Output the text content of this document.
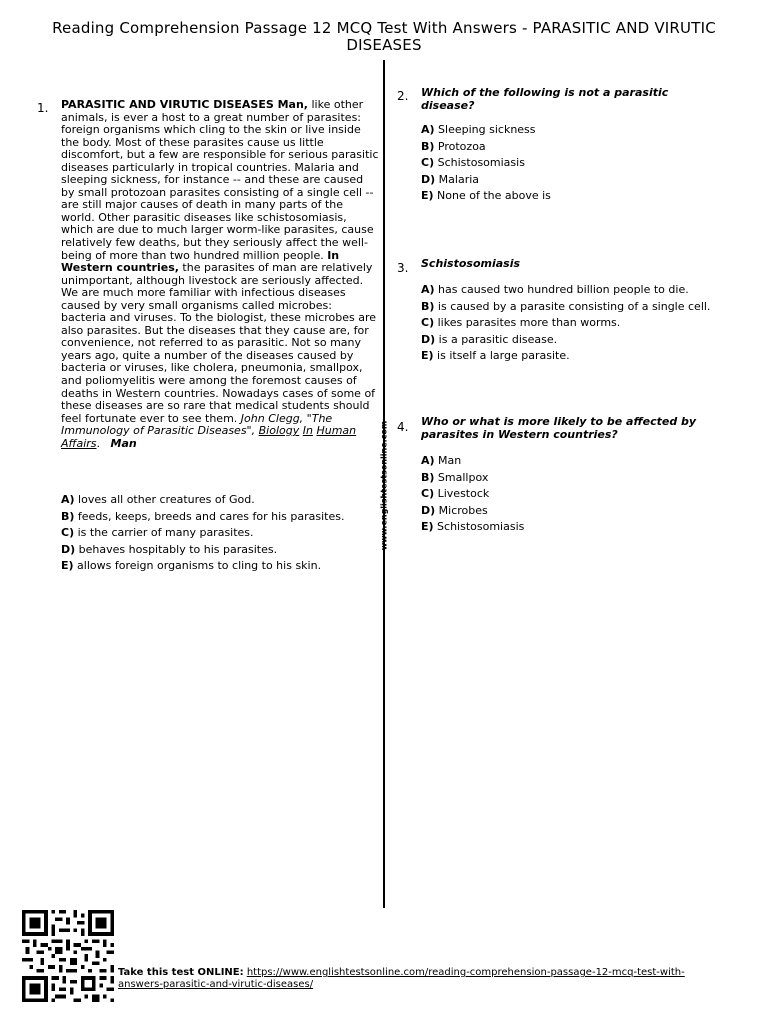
Reading Comprehension Passage 12 MCQ Test With Answers - PARASITIC AND VIRUTIC DISEASES
www.englishtestsonline.com
1. PARASITIC AND VIRUTIC DISEASES Man, like other animals, is ever a host to a great number of parasites: foreign organisms which cling to the skin or live inside the body. Most of these parasites cause us little discomfort, but a few are responsible for serious parasitic diseases particularly in tropical countries. Malaria and sleeping sickness, for instance -- and these are caused by small protozoan parasites consisting of a single cell -- are still major causes of death in many parts of the world. Other parasitic diseases like schistosomiasis, which are due to much larger worm-like parasites, cause relatively few deaths, but they seriously affect the well-being of more than two hundred million people. In Western countries, the parasites of man are relatively unimportant, although livestock are seriously affected. We are much more familiar with infectious diseases caused by very small organisms called microbes: bacteria and viruses. To the biologist, these microbes are also parasites. But the diseases that they cause are, for convenience, not referred to as parasitic. Not so many years ago, quite a number of the diseases caused by bacteria or viruses, like cholera, pneumonia, smallpox, and poliomyelitis were among the foremost causes of deaths in Western countries. Nowadays cases of some of these diseases are so rare that medical students should feel fortunate ever to see them. John Clegg, "The Immunology of Parasitic Diseases", Biology In Human Affairs. Man
A) loves all other creatures of God.
B) feeds, keeps, breeds and cares for his parasites.
C) is the carrier of many parasites.
D) behaves hospitably to his parasites.
E) allows foreign organisms to cling to his skin.
2. Which of the following is not a parasitic disease?
A) Sleeping sickness
B) Protozoa
C) Schistosomiasis
D) Malaria
E) None of the above is
3. Schistosomiasis
A) has caused two hundred billion people to die.
B) is caused by a parasite consisting of a single cell.
C) likes parasites more than worms.
D) is a parasitic disease.
E) is itself a large parasite.
4. Who or what is more likely to be affected by parasites in Western countries?
A) Man
B) Smallpox
C) Livestock
D) Microbes
E) Schistosomiasis
Take this test ONLINE: https://www.englishtestsonline.com/reading-comprehension-passage-12-mcq-test-with-answers-parasitic-and-virutic-diseases/
